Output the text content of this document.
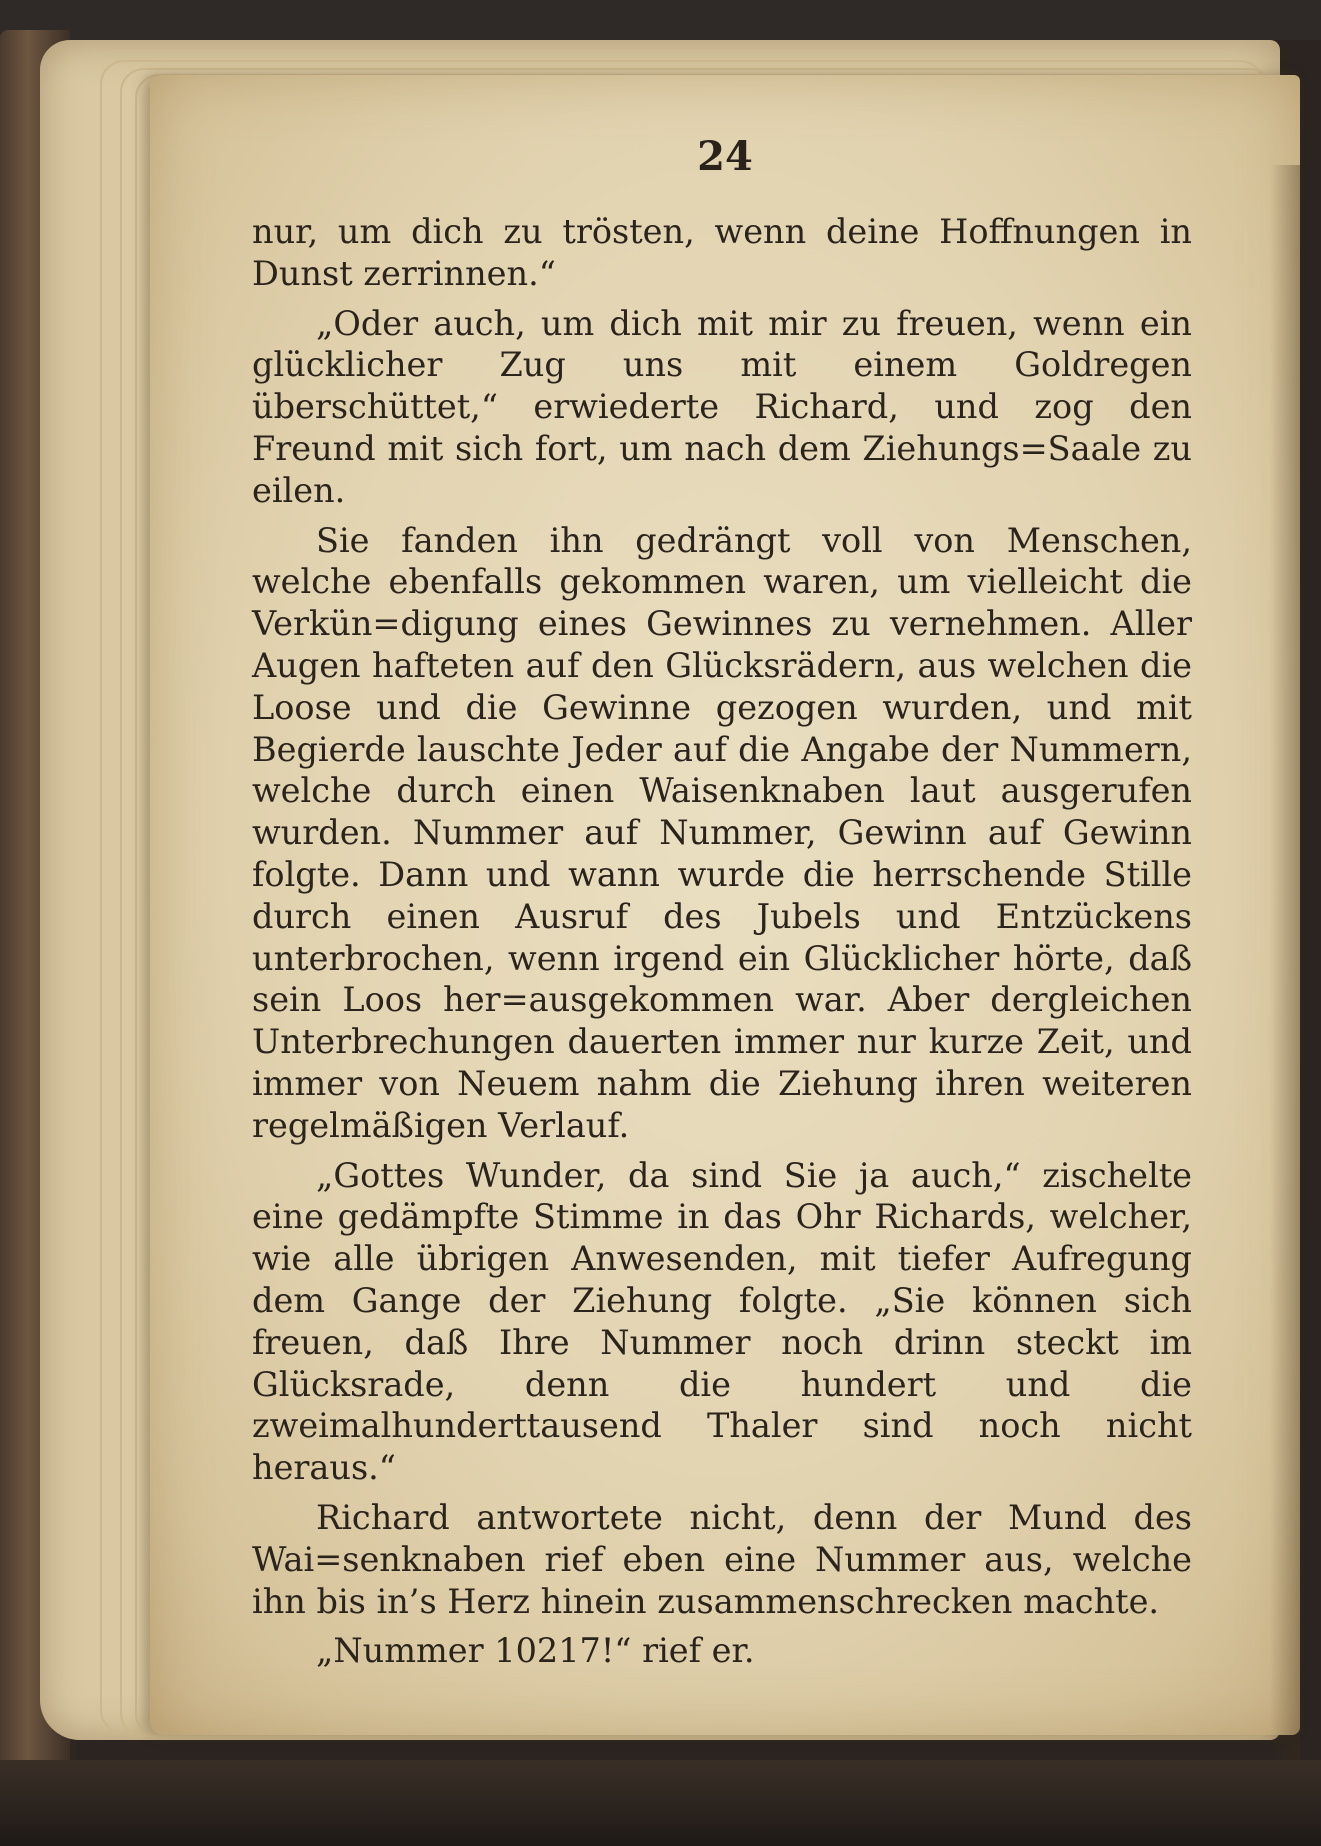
24

nur, um dich zu trösten, wenn deine Hoffnungen in Dunst zerrinnen.“

„Oder auch, um dich mit mir zu freuen, wenn ein glücklicher Zug uns mit einem Goldregen überschüttet,“ erwiederte Richard, und zog den Freund mit sich fort, um nach dem Ziehungs=Saale zu eilen.

Sie fanden ihn gedrängt voll von Menschen, welche ebenfalls gekommen waren, um vielleicht die Verkün=digung eines Gewinnes zu vernehmen. Aller Augen hafteten auf den Glücksrädern, aus welchen die Loose und die Gewinne gezogen wurden, und mit Begierde lauschte Jeder auf die Angabe der Nummern, welche durch einen Waisenknaben laut ausgerufen wurden. Nummer auf Nummer, Gewinn auf Gewinn folgte. Dann und wann wurde die herrschende Stille durch einen Ausruf des Jubels und Entzückens unterbrochen, wenn irgend ein Glücklicher hörte, daß sein Loos her=ausgekommen war. Aber dergleichen Unterbrechungen dauerten immer nur kurze Zeit, und immer von Neuem nahm die Ziehung ihren weiteren regelmäßigen Verlauf.

„Gottes Wunder, da sind Sie ja auch,“ zischelte eine gedämpfte Stimme in das Ohr Richards, welcher, wie alle übrigen Anwesenden, mit tiefer Aufregung dem Gange der Ziehung folgte. „Sie können sich freuen, daß Ihre Nummer noch drinn steckt im Glücksrade, denn die hundert und die zweimalhunderttausend Thaler sind noch nicht heraus.“

Richard antwortete nicht, denn der Mund des Wai=senknaben rief eben eine Nummer aus, welche ihn bis in’s Herz hinein zusammenschrecken machte.

„Nummer 10217!“ rief er.
